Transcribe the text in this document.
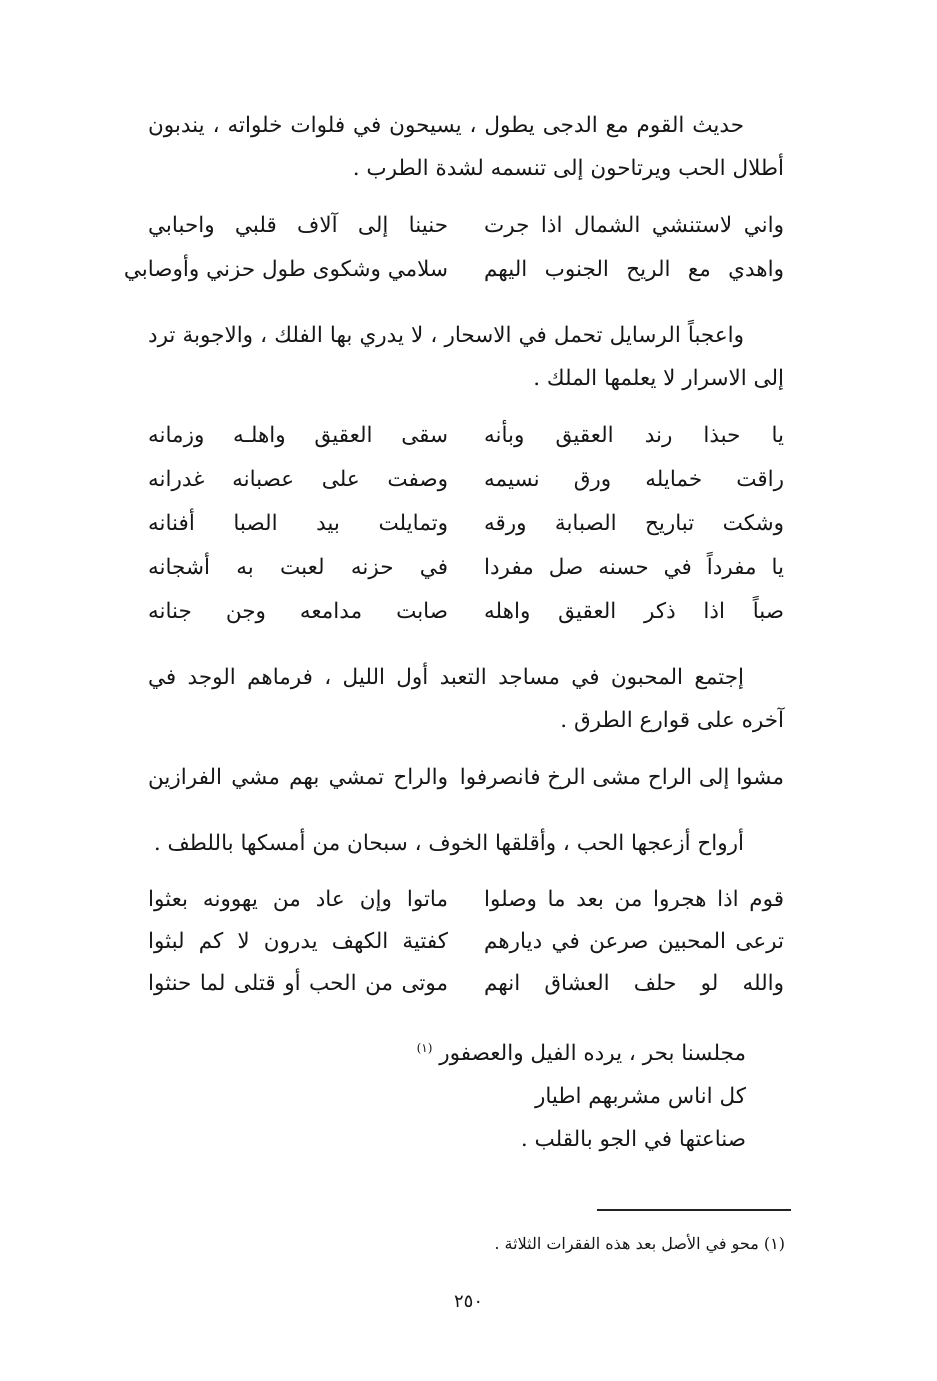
حديث القوم مع الدجى يطول ، يسيحون في فلوات خلواته ، يندبون أطلال الحب ويرتاحون إلى تنسمه لشدة الطرب .

واني لاستنشي الشمال اذا جرت
حنينا إلى آلاف قلبي واحبابي
واهدي مع الريح الجنوب اليهم
سلامي وشكوى طول حزني وأوصابي

واعجباً الرسايل تحمل في الاسحار ، لا يدري بها الفلك ، والاجوبة ترد إلى الاسرار لا يعلمها الملك .

يا حبذا رند العقيق وبأنه
سقى العقيق واهلـه وزمانه
راقت خمايله ورق نسيمه
وصفت على عصبانه غدرانه
وشكت تباريح الصبابة ورقه
وتمايلت بيد الصبا أفنانه
يا مفرداً في حسنه صل مفردا
في حزنه لعبت به أشجانه
صباً اذا ذكر العقيق واهله
صابت مدامعه وجن جنانه

إجتمع المحبون في مساجد التعبد أول الليل ، فرماهم الوجد في آخره على قوارع الطرق .

مشوا إلى الراح مشى الرخ فانصرفوا
والراح تمشي بهم مشي الفرازين

أرواح أزعجها الحب ، وأقلقها الخوف ، سبحان من أمسكها باللطف .

قوم اذا هجروا من بعد ما وصلوا
ماتوا وإن عاد من يهوونه بعثوا
ترعى المحبين صرعن في ديارهم
كفتية الكهف يدرون لا كم لبثوا
والله لو حلف العشاق انهم
موتى من الحب أو قتلى لما حنثوا
مجلسنا بحر ، يرده الفيل والعصفور $^{(١)}$
كل اناس مشربهم اطيار
صناعتها في الجو بالقلب .
(١) محو في الأصل بعد هذه الفقرات الثلاثة .
٢٥٠
